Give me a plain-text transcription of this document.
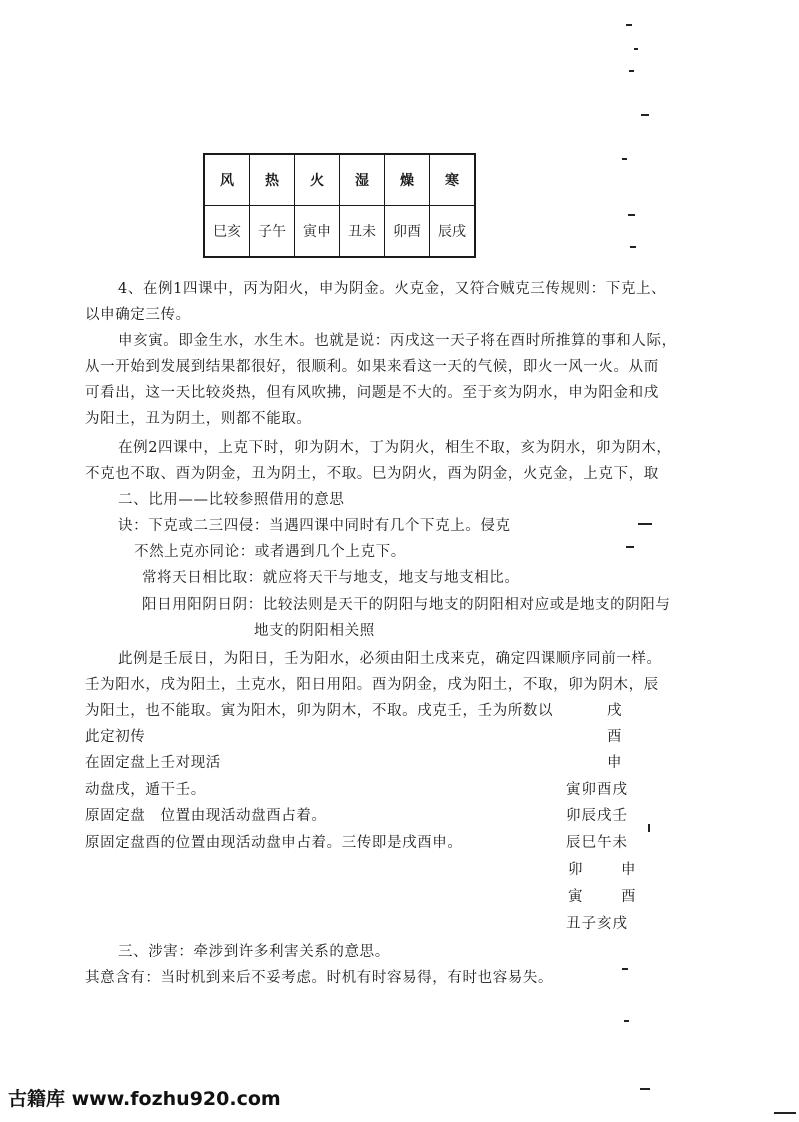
风	热	火	湿	燥	寒
巳亥	子午	寅申	丑未	卯酉	辰戌
4、在例1四课中，丙为阳火，申为阴金。火克金，又符合贼克三传规则：下克上、
以申确定三传。
申亥寅。即金生水，水生木。也就是说：丙戌这一天子将在酉时所推算的事和人际，
从一开始到发展到结果都很好，很顺利。如果来看这一天的气候，即火一风一火。从而
可看出，这一天比较炎热，但有风吹拂，问题是不大的。至于亥为阴水，申为阳金和戌
为阳土，丑为阴土，则都不能取。
在例2四课中，上克下时，卯为阴木，丁为阴火，相生不取，亥为阴水，卯为阴木，
不克也不取、酉为阴金，丑为阴土，不取。巳为阴火，酉为阴金，火克金，上克下，取
二、比用——比较参照借用的意思
诀：下克或二三四侵：当遇四课中同时有几个下克上。侵克
不然上克亦同论：或者遇到几个上克下。
常将天日相比取：就应将天干与地支，地支与地支相比。
阳日用阳阴日阴：比较法则是天干的阴阳与地支的阴阳相对应或是地支的阴阳与
地支的阴阳相关照
此例是壬辰日，为阳日，壬为阳水，必须由阳土戌来克，确定四课顺序同前一样。
壬为阳水，戌为阳土，土克水，阳日用阳。酉为阴金，戌为阳土，不取，卯为阴木，辰
为阳土，也不能取。寅为阳木，卯为阴木，不取。戌克壬，壬为所数以
此定初传
在固定盘上壬对现活
动盘戌，遁干壬。
原固定盘　位置由现活动盘酉占着。
原固定盘酉的位置由现活动盘申占着。三传即是戌酉申。
戌
酉
申
寅卯酉戌
卯辰戌壬
辰巳午未
卯	申
寅	酉
丑子亥戌
三、涉害：牵涉到许多利害关系的意思。
其意含有：当时机到来后不妥考虑。时机有时容易得，有时也容易失。
古籍库 www.fozhu920.com
